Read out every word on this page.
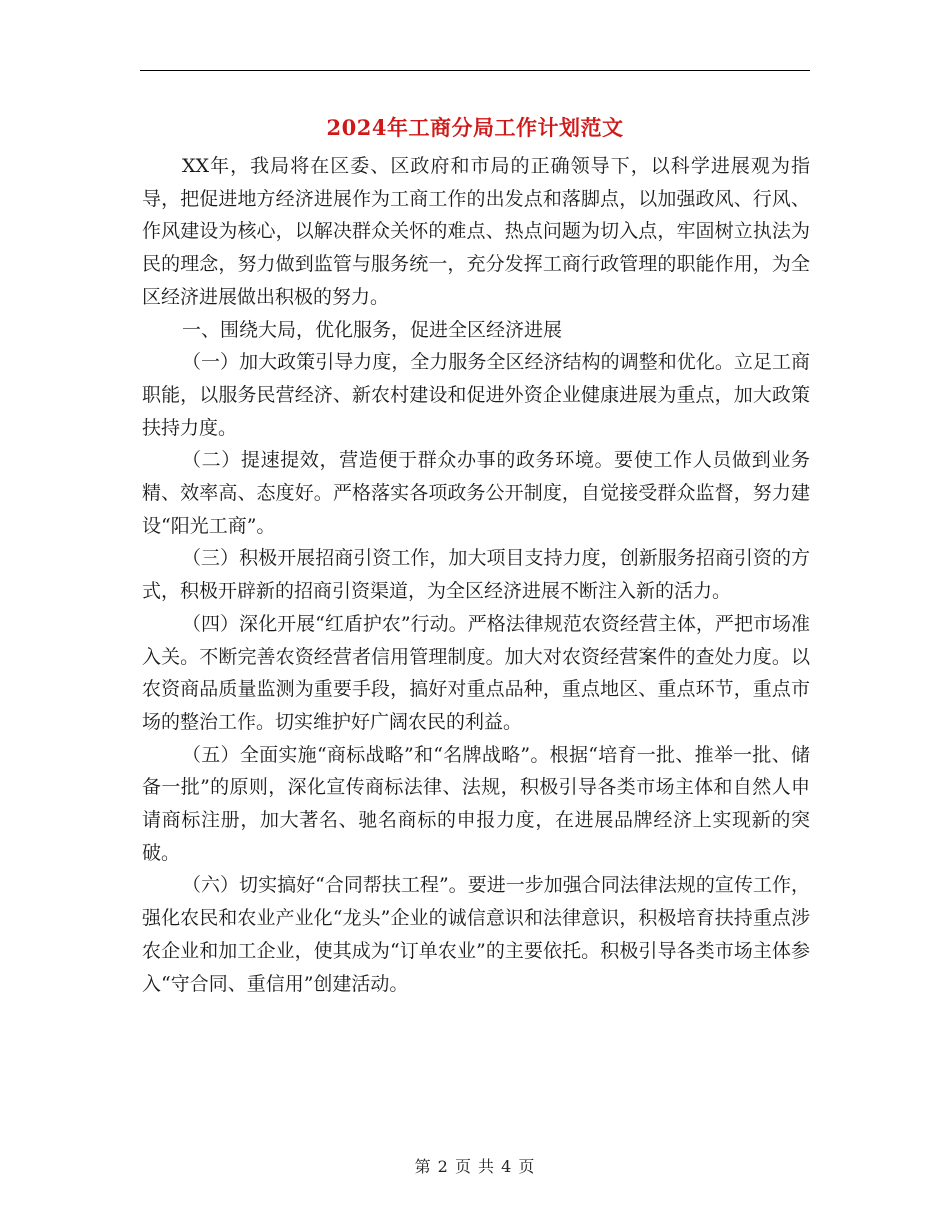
2024年工商分局工作计划范文

XX年，我局将在区委、区政府和市局的正确领导下，以科学进展观为指导，把促进地方经济进展作为工商工作的出发点和落脚点，以加强政风、行风、作风建设为核心，以解决群众关怀的难点、热点问题为切入点，牢固树立执法为民的理念，努力做到监管与服务统一，充分发挥工商行政管理的职能作用，为全区经济进展做出积极的努力。

一、围绕大局，优化服务，促进全区经济进展

（一）加大政策引导力度，全力服务全区经济结构的调整和优化。立足工商职能，以服务民营经济、新农村建设和促进外资企业健康进展为重点，加大政策扶持力度。

（二）提速提效，营造便于群众办事的政务环境。要使工作人员做到业务精、效率高、态度好。严格落实各项政务公开制度，自觉接受群众监督，努力建设“阳光工商”。

（三）积极开展招商引资工作，加大项目支持力度，创新服务招商引资的方式，积极开辟新的招商引资渠道，为全区经济进展不断注入新的活力。

（四）深化开展“红盾护农”行动。严格法律规范农资经营主体，严把市场准入关。不断完善农资经营者信用管理制度。加大对农资经营案件的查处力度。以农资商品质量监测为重要手段，搞好对重点品种，重点地区、重点环节，重点市场的整治工作。切实维护好广阔农民的利益。

（五）全面实施“商标战略”和“名牌战略”。根据“培育一批、推举一批、储备一批”的原则，深化宣传商标法律、法规，积极引导各类市场主体和自然人申请商标注册，加大著名、驰名商标的申报力度，在进展品牌经济上实现新的突破。

（六）切实搞好“合同帮扶工程”。要进一步加强合同法律法规的宣传工作，强化农民和农业产业化“龙头”企业的诚信意识和法律意识，积极培育扶持重点涉农企业和加工企业，使其成为“订单农业”的主要依托。积极引导各类市场主体参入“守合同、重信用”创建活动。

第 2 页 共 4 页
